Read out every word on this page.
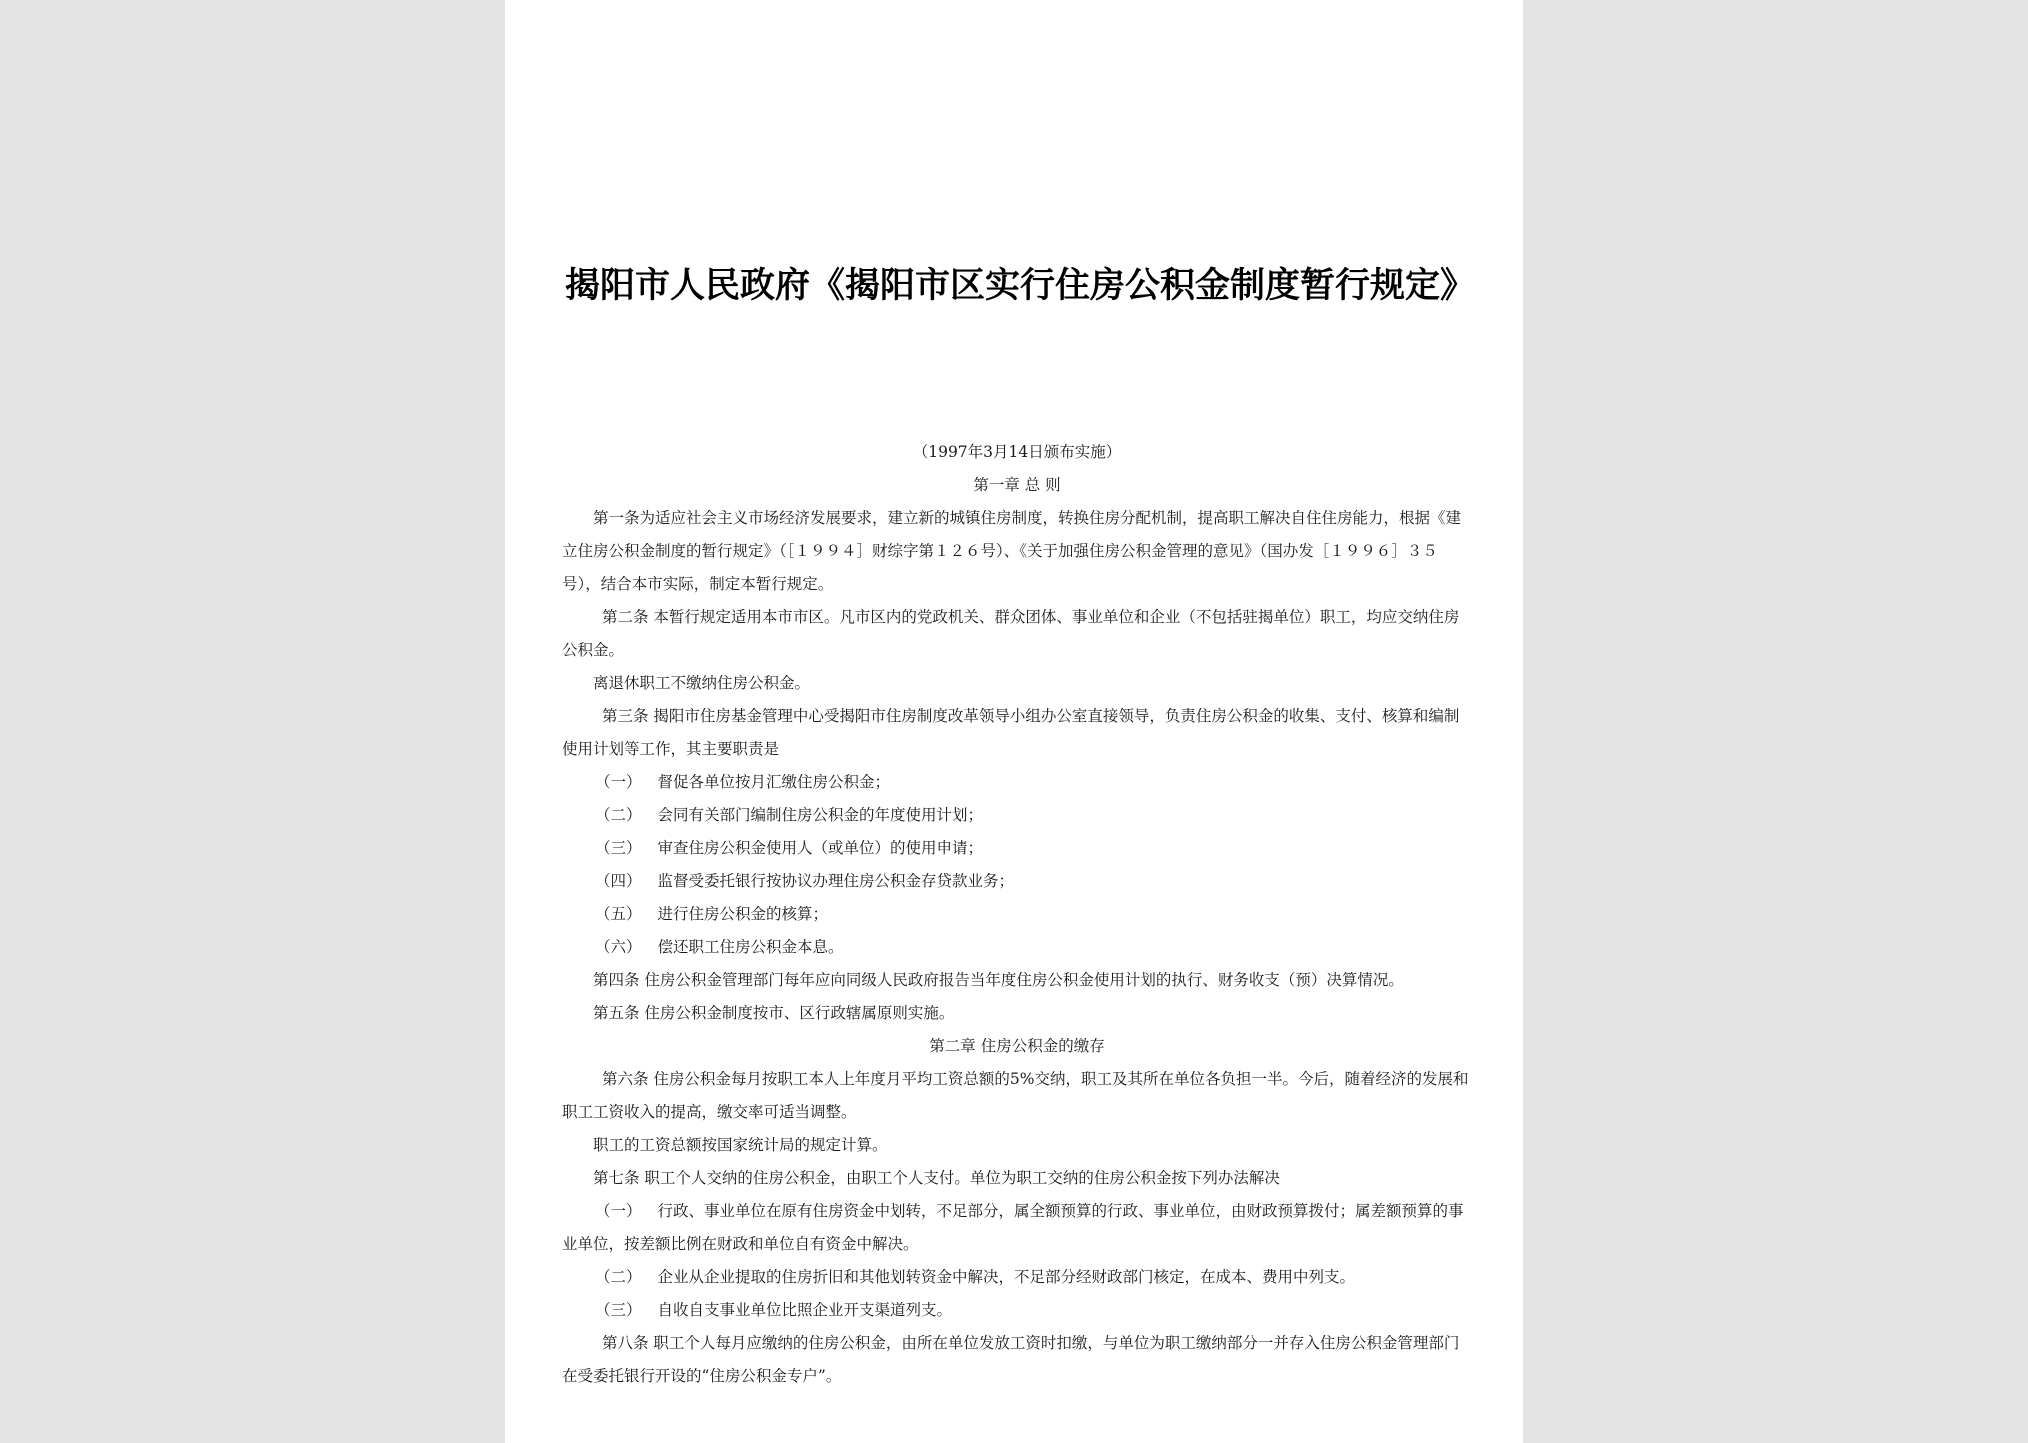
揭阳市人民政府《揭阳市区实行住房公积金制度暂行规定》

（1997年3月14日颁布实施）

第一章 总 则

第一条为适应社会主义市场经济发展要求，建立新的城镇住房制度，转换住房分配机制，提高职工解决自住住房能力，根据《建立住房公积金制度的暂行规定》（［１９９４］财综字第１２６号）、《关于加强住房公积金管理的意见》（国办发［１９９６］３５号），结合本市实际，制定本暂行规定。

第二条 本暂行规定适用本市市区。凡市区内的党政机关、群众团体、事业单位和企业（不包括驻揭单位）职工，均应交纳住房公积金。

离退休职工不缴纳住房公积金。

第三条 揭阳市住房基金管理中心受揭阳市住房制度改革领导小组办公室直接领导，负责住房公积金的收集、支付、核算和编制使用计划等工作，其主要职责是

（一） 督促各单位按月汇缴住房公积金；

（二） 会同有关部门编制住房公积金的年度使用计划；

（三） 审查住房公积金使用人（或单位）的使用申请；

（四） 监督受委托银行按协议办理住房公积金存贷款业务；

（五） 进行住房公积金的核算；

（六） 偿还职工住房公积金本息。

第四条 住房公积金管理部门每年应向同级人民政府报告当年度住房公积金使用计划的执行、财务收支（预）决算情况。

第五条 住房公积金制度按市、区行政辖属原则实施。

第二章 住房公积金的缴存

第六条 住房公积金每月按职工本人上年度月平均工资总额的5%交纳，职工及其所在单位各负担一半。今后，随着经济的发展和职工工资收入的提高，缴交率可适当调整。

职工的工资总额按国家统计局的规定计算。

第七条 职工个人交纳的住房公积金，由职工个人支付。单位为职工交纳的住房公积金按下列办法解决

（一） 行政、事业单位在原有住房资金中划转，不足部分，属全额预算的行政、事业单位，由财政预算拨付；属差额预算的事业单位，按差额比例在财政和单位自有资金中解决。

（二） 企业从企业提取的住房折旧和其他划转资金中解决，不足部分经财政部门核定，在成本、费用中列支。

（三） 自收自支事业单位比照企业开支渠道列支。

第八条 职工个人每月应缴纳的住房公积金，由所在单位发放工资时扣缴，与单位为职工缴纳部分一并存入住房公积金管理部门在受委托银行开设的“住房公积金专户”。
